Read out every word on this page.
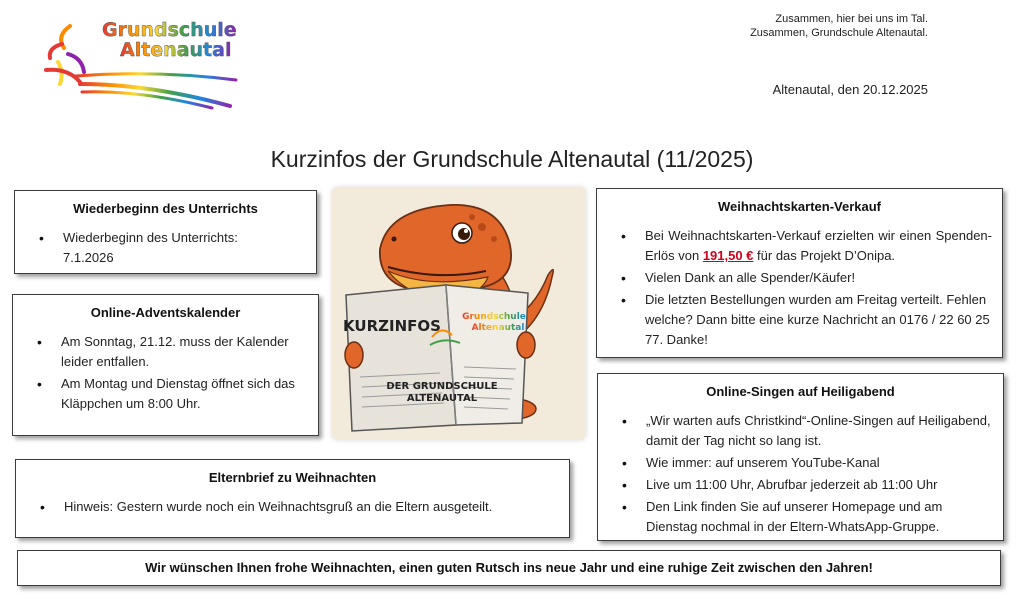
Grundschule
Altenautal
Zusammen, hier bei uns im Tal.
Zusammen, Grundschule Altenautal.
Altenautal, den 20.12.2025
Kurzinfos der Grundschule Altenautal (11/2025)
Wiederbeginn des Unterrichts
• Wiederbeginn des Unterrichts: 7.1.2026
Online-Adventskalender
• Am Sonntag, 21.12. muss der Kalender leider entfallen.
• Am Montag und Dienstag öffnet sich das Kläppchen um 8:00 Uhr.
Elternbrief zu Weihnachten
• Hinweis: Gestern wurde noch ein Weihnachtsgruß an die Eltern ausgeteilt.
KURZINFOS Grundschule
Altenautal
DER GRUNDSCHULE
ALTENAUTAL
Weihnachtskarten-Verkauf
• Bei Weihnachtskarten-Verkauf erzielten wir einen Spenden-Erlös von 191,50 € für das Projekt D’Onipa.
• Vielen Dank an alle Spender/Käufer!
• Die letzten Bestellungen wurden am Freitag verteilt. Fehlen welche? Dann bitte eine kurze Nachricht an 0176 / 22 60 25 77. Danke!
Online-Singen auf Heiligabend
• „Wir warten aufs Christkind“-Online-Singen auf Heiligabend, damit der Tag nicht so lang ist.
• Wie immer: auf unserem YouTube-Kanal
• Live um 11:00 Uhr, Abrufbar jederzeit ab 11:00 Uhr
• Den Link finden Sie auf unserer Homepage und am Dienstag nochmal in der Eltern-WhatsApp-Gruppe.

Wir wünschen Ihnen frohe Weihnachten, einen guten Rutsch ins neue Jahr und eine ruhige Zeit zwischen den Jahren!
